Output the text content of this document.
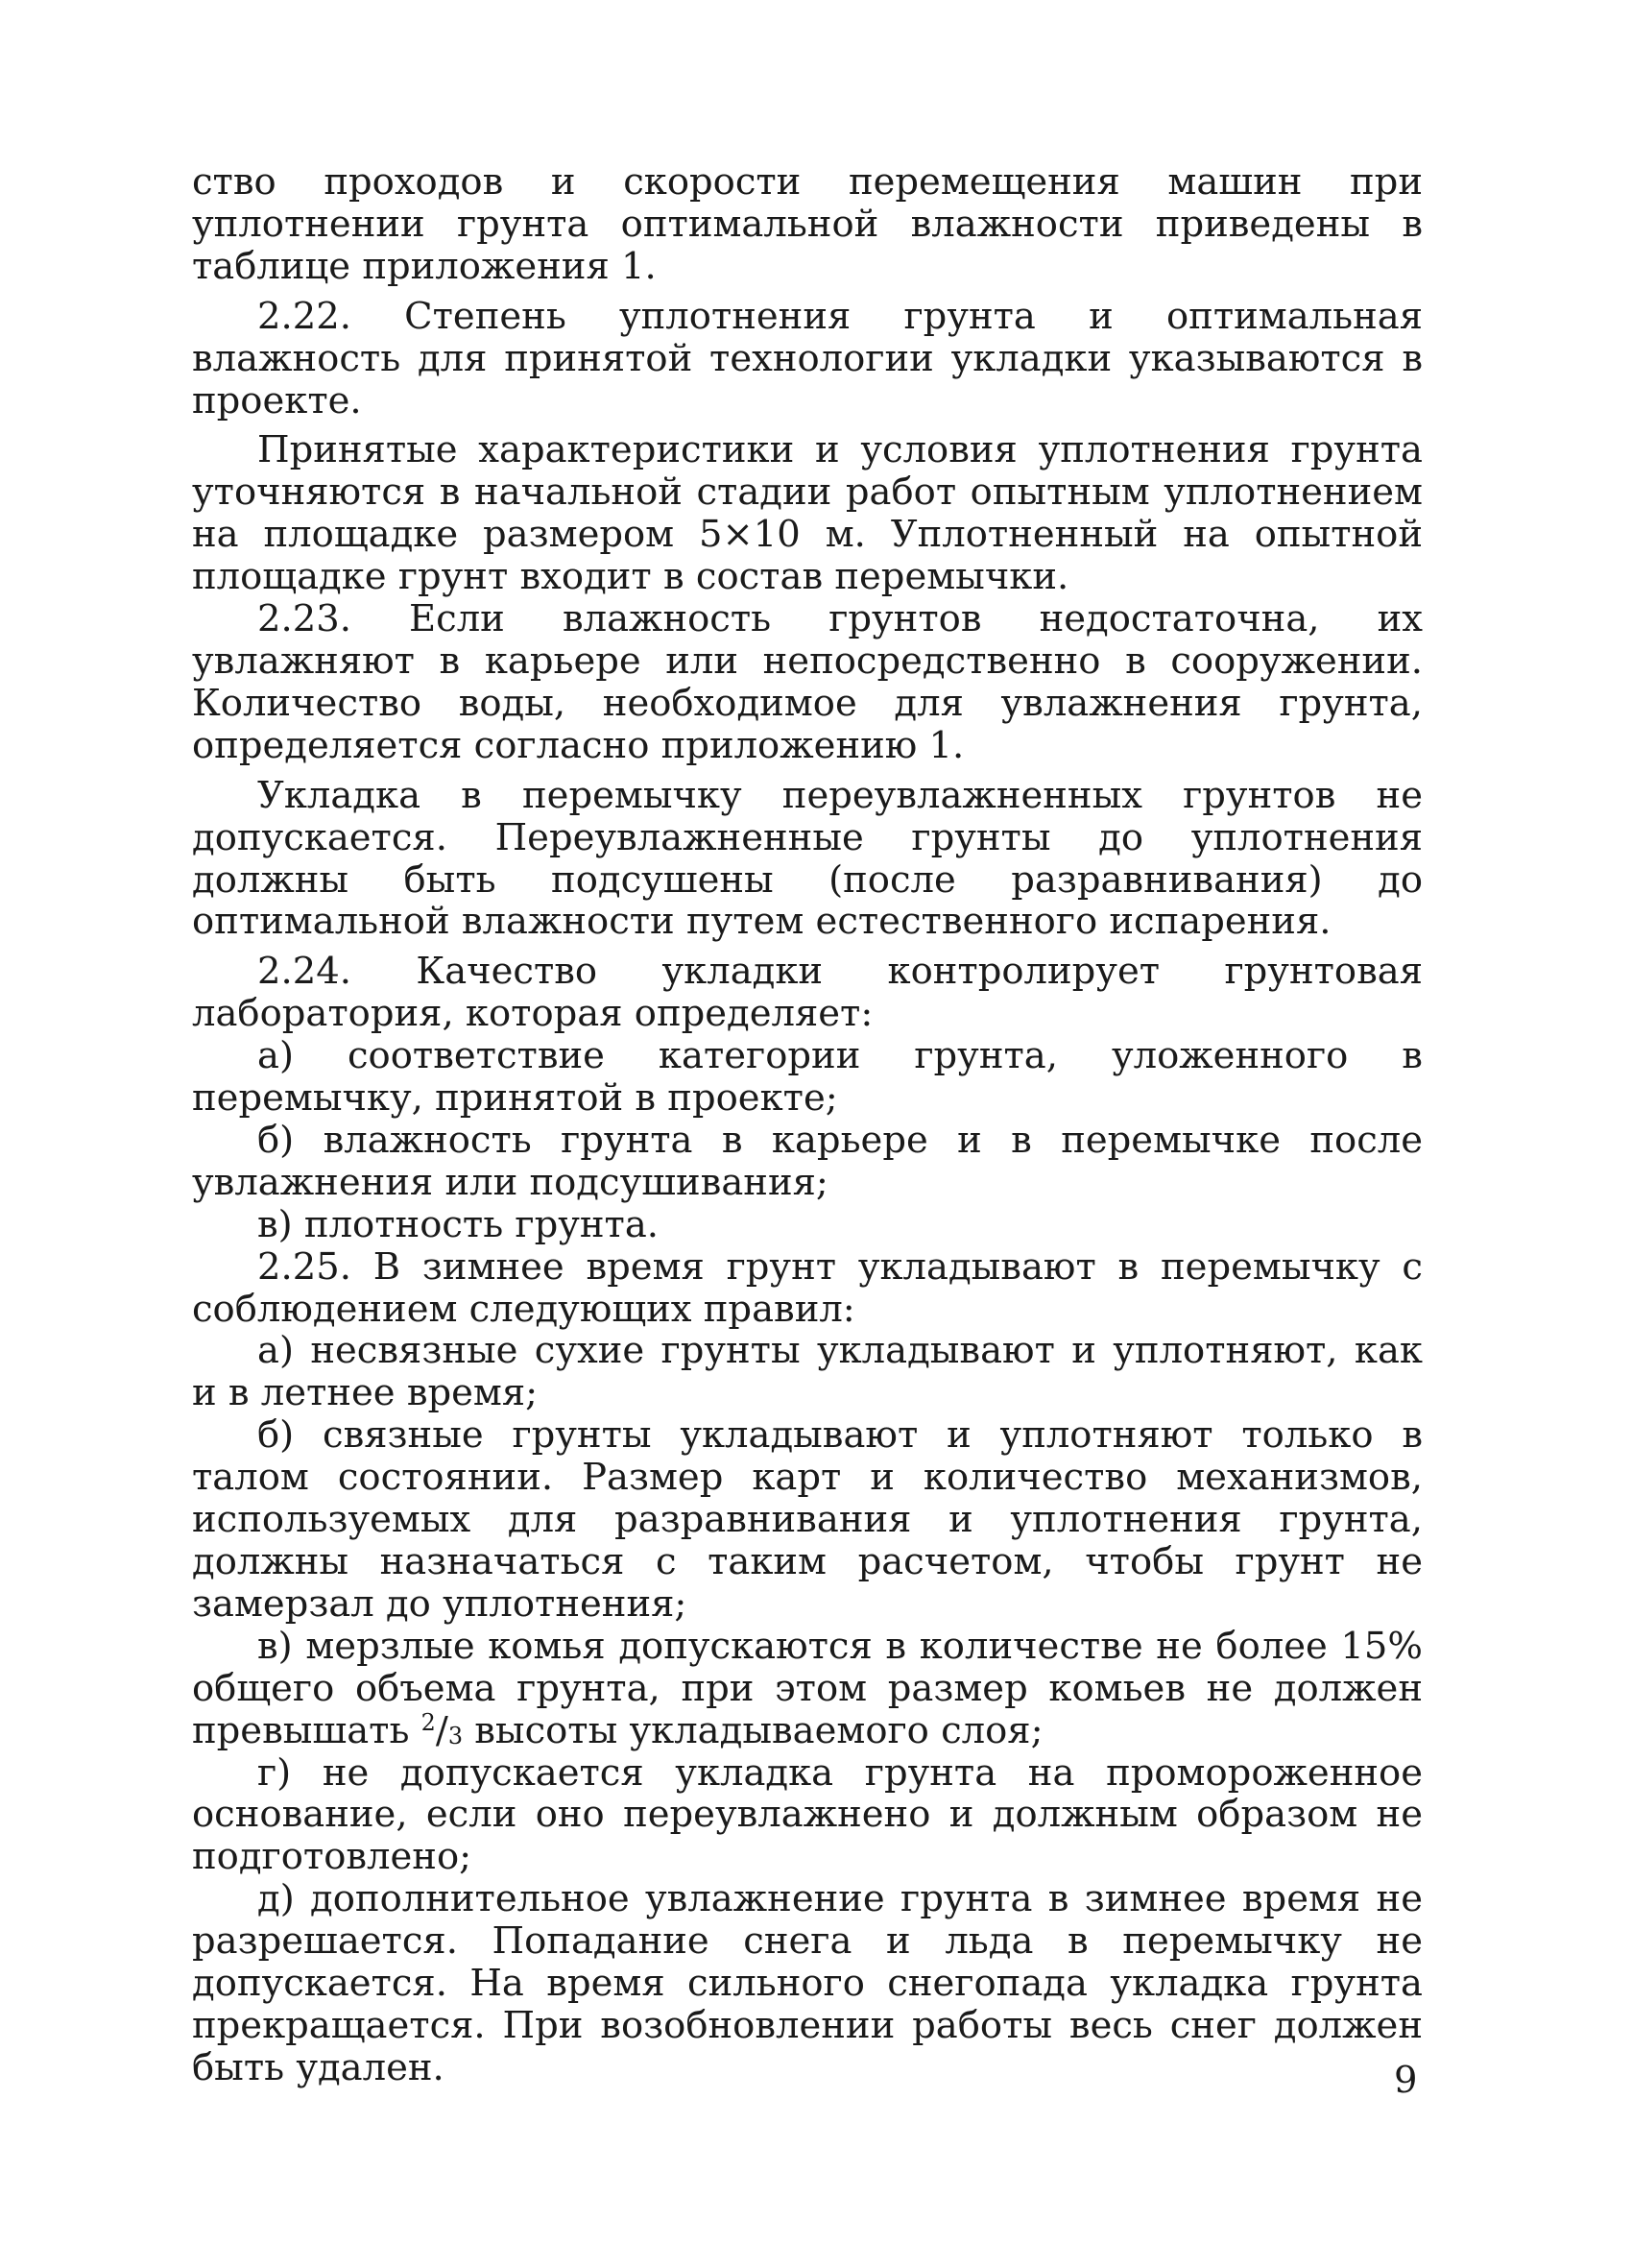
ство проходов и скорости перемещения машин при уплотнении грунта оптимальной влажности приведены в таблице приложения 1.

2.22. Степень уплотнения грунта и оптимальная влажность для принятой технологии укладки указываются в проекте.

Принятые характеристики и условия уплотнения грунта уточняются в начальной стадии работ опытным уплотнением на площадке размером 5×10 м. Уплотненный на опытной площадке грунт входит в состав перемычки.

2.23. Если влажность грунтов недостаточна, их увлажняют в карьере или непосредственно в сооружении. Количество воды, необходимое для увлажнения грунта, определяется согласно приложению 1.

Укладка в перемычку переувлажненных грунтов не допускается. Переувлажненные грунты до уплотнения должны быть подсушены (после разравнивания) до оптимальной влажности путем естественного испарения.

2.24. Качество укладки контролирует грунтовая лаборатория, которая определяет:

а) соответствие категории грунта, уложенного в перемычку, принятой в проекте;

б) влажность грунта в карьере и в перемычке после увлажнения или подсушивания;

в) плотность грунта.

2.25. В зимнее время грунт укладывают в перемычку с соблюдением следующих правил:

а) несвязные сухие грунты укладывают и уплотняют, как и в летнее время;

б) связные грунты укладывают и уплотняют только в талом состоянии. Размер карт и количество механизмов, используемых для разравнивания и уплотнения грунта, должны назначаться с таким расчетом, чтобы грунт не замерзал до уплотнения;

в) мерзлые комья допускаются в количестве не более 15% общего объема грунта, при этом размер комьев не должен превышать $^2/_3$ высоты укладываемого слоя;

г) не допускается укладка грунта на промороженное основание, если оно переувлажнено и должным образом не подготовлено;

д) дополнительное увлажнение грунта в зимнее время не разрешается. Попадание снега и льда в перемычку не допускается. На время сильного снегопада укладка грунта прекращается. При возобновлении работы весь снег должен быть удален.	9
